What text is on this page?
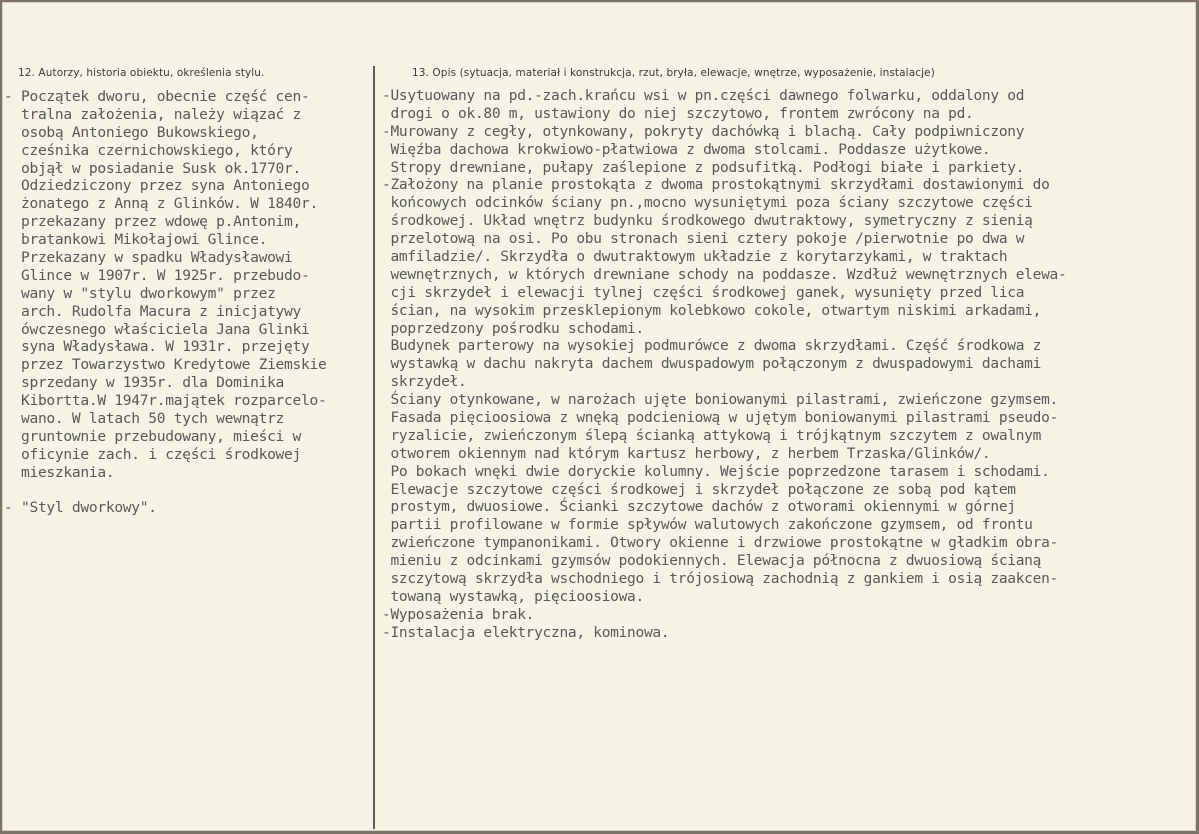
12. Autorzy, historia obiektu, określenia stylu.	13. Opis (sytuacja, materiał i konstrukcja, rzut, bryła, elewacje, wnętrze, wyposażenie, instalacje)
- Początek dworu, obecnie część cen-
tralna założenia, należy wiązać z
osobą Antoniego Bukowskiego,
cześnika czernichowskiego, który
objął w posiadanie Susk ok.1770r.
Odziedziczony przez syna Antoniego
żonatego z Anną z Glinków. W 1840r.
przekazany przez wdowę p.Antonim,
bratankowi Mikołajowi Glince.
Przekazany w spadku Władysławowi
Glince w 1907r. W 1925r. przebudo-
wany w "stylu dworkowym" przez
arch. Rudolfa Macura z inicjatywy
ówczesnego właściciela Jana Glinki
syna Władysława. W 1931r. przejęty
przez Towarzystwo Kredytowe Ziemskie
sprzedany w 1935r. dla Dominika
Kibortta.W 1947r.majątek rozparcelo-
wano. W latach 50 tych wewnątrz
gruntownie przebudowany, mieści w
oficynie zach. i części środkowej
mieszkania.
- "Styl dworkowy".
-Usytuowany na pd.-zach.krańcu wsi w pn.części dawnego folwarku, oddalony od
drogi o ok.80 m, ustawiony do niej szczytowo, frontem zwrócony na pd.
-Murowany z cegły, otynkowany, pokryty dachówką i blachą. Cały podpiwniczony
Więźba dachowa krokwiowo-płatwiowa z dwoma stolcami. Poddasze użytkowe.
Stropy drewniane, pułapy zaślepione z podsufitką. Podłogi białe i parkiety.
-Założony na planie prostokąta z dwoma prostokątnymi skrzydłami dostawionymi do
końcowych odcinków ściany pn.,mocno wysuniętymi poza ściany szczytowe części
środkowej. Układ wnętrz budynku środkowego dwutraktowy, symetryczny z sienią
przelotową na osi. Po obu stronach sieni cztery pokoje /pierwotnie po dwa w
amfiladzie/. Skrzydła o dwutraktowym układzie z korytarzykami, w traktach
wewnętrznych, w których drewniane schody na poddasze. Wzdłuż wewnętrznych elewa-
cji skrzydeł i elewacji tylnej części środkowej ganek, wysunięty przed lica
ścian, na wysokim przesklepionym kolebkowo cokole, otwartym niskimi arkadami,
poprzedzony pośrodku schodami.
Budynek parterowy na wysokiej podmurówce z dwoma skrzydłami. Część środkowa z
wystawką w dachu nakryta dachem dwuspadowym połączonym z dwuspadowymi dachami
skrzydeł.
Ściany otynkowane, w narożach ujęte boniowanymi pilastrami, zwieńczone gzymsem.
Fasada pięcioosiowa z wnęką podcieniową w ujętym boniowanymi pilastrami pseudo-
ryzalicie, zwieńczonym ślepą ścianką attykową i trójkątnym szczytem z owalnym
otworem okiennym nad którym kartusz herbowy, z herbem Trzaska/Glinków/.
Po bokach wnęki dwie doryckie kolumny. Wejście poprzedzone tarasem i schodami.
Elewacje szczytowe części środkowej i skrzydeł połączone ze sobą pod kątem
prostym, dwuosiowe. Ścianki szczytowe dachów z otworami okiennymi w górnej
partii profilowane w formie spływów walutowych zakończone gzymsem, od frontu
zwieńczone tympanonikami. Otwory okienne i drzwiowe prostokątne w gładkim obra-
mieniu z odcinkami gzymsów podokiennych. Elewacja północna z dwuosiową ścianą
szczytową skrzydła wschodniego i trójosiową zachodnią z gankiem i osią zaakcen-
towaną wystawką, pięcioosiowa.
-Wyposażenia brak.
-Instalacja elektryczna, kominowa.
